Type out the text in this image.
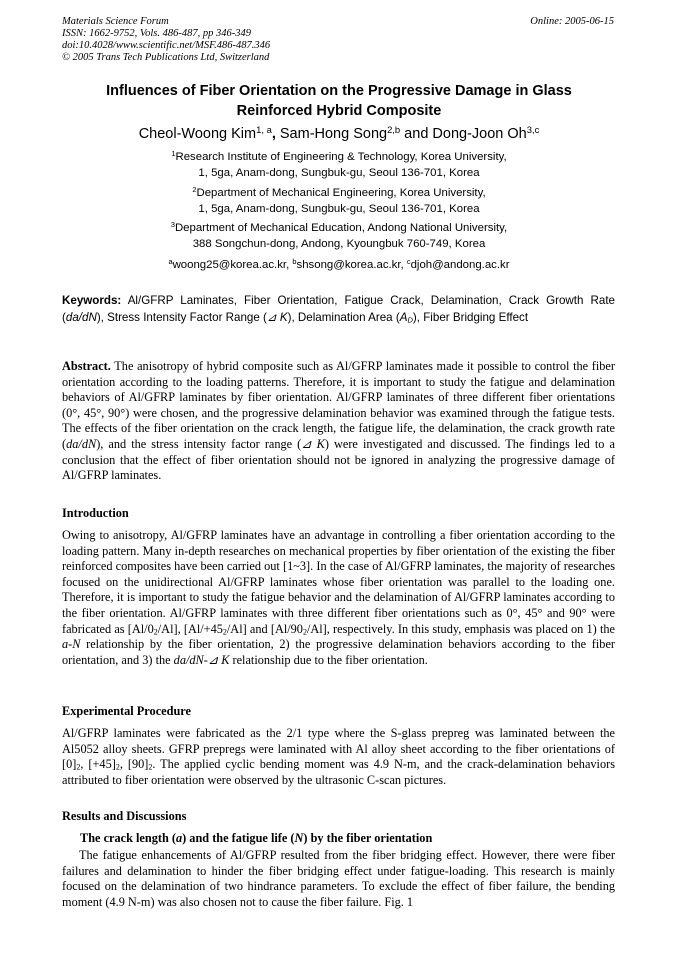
Materials Science Forum
ISSN: 1662-9752, Vols. 486-487, pp 346-349
doi:10.4028/www.scientific.net/MSF.486-487.346
© 2005 Trans Tech Publications Ltd, Switzerland
Online: 2005-06-15
Influences of Fiber Orientation on the Progressive Damage in Glass
Reinforced Hybrid Composite
Cheol-Woong Kim$^{1, a}$, Sam-Hong Song$^{2,b}$ and Dong-Joon Oh$^{3,c}$
$^1$Research Institute of Engineering & Technology, Korea University,
1, 5ga, Anam-dong, Sungbuk-gu, Seoul 136-701, Korea
$^2$Department of Mechanical Engineering, Korea University,
1, 5ga, Anam-dong, Sungbuk-gu, Seoul 136-701, Korea
$^3$Department of Mechanical Education, Andong National University,
388 Songchun-dong, Andong, Kyoungbuk 760-749, Korea
$^a$woong25@korea.ac.kr, $^b$shsong@korea.ac.kr, $^c$djoh@andong.ac.kr
Keywords: Al/GFRP Laminates, Fiber Orientation, Fatigue Crack, Delamination, Crack Growth Rate (da/dN), Stress Intensity Factor Range (⊿ K), Delamination Area $(A_D)$, Fiber Bridging Effect

Abstract. The anisotropy of hybrid composite such as Al/GFRP laminates made it possible to control the fiber orientation according to the loading patterns. Therefore, it is important to study the fatigue and delamination behaviors of Al/GFRP laminates by fiber orientation. Al/GFRP laminates of three different fiber orientations (0°, 45°, 90°) were chosen, and the progressive delamination behavior was examined through the fatigue tests. The effects of the fiber orientation on the crack length, the fatigue life, the delamination, the crack growth rate (da/dN), and the stress intensity factor range (⊿ K) were investigated and discussed. The findings led to a conclusion that the effect of fiber orientation should not be ignored in analyzing the progressive damage of Al/GFRP laminates.

Introduction

Owing to anisotropy, Al/GFRP laminates have an advantage in controlling a fiber orientation according to the loading pattern. Many in-depth researches on mechanical properties by fiber orientation of the existing the fiber reinforced composites have been carried out [1~3]. In the case of Al/GFRP laminates, the majority of researches focused on the unidirectional Al/GFRP laminates whose fiber orientation was parallel to the loading one. Therefore, it is important to study the fatigue behavior and the delamination of Al/GFRP laminates according to the fiber orientation. Al/GFRP laminates with three different fiber orientations such as 0°, 45° and 90° were fabricated as $[Al/0_2/Al]$, $[Al/+45_2/Al]$ and $[Al/90_2/Al]$, respectively. In this study, emphasis was placed on 1) the a-N relationship by the fiber orientation, 2) the progressive delamination behaviors according to the fiber orientation, and 3) the da/dN-⊿ K relationship due to the fiber orientation.

Experimental Procedure

Al/GFRP laminates were fabricated as the 2/1 type where the S-glass prepreg was laminated between the Al5052 alloy sheets. GFRP prepregs were laminated with Al alloy sheet according to the fiber orientations of $[0]_2$, $[+45]_2$, $[90]_2$. The applied cyclic bending moment was 4.9 N-m, and the crack-delamination behaviors attributed to fiber orientation were observed by the ultrasonic C-scan pictures.

Results and Discussions
The crack length (a) and the fatigue life (N) by the fiber orientation

The fatigue enhancements of Al/GFRP resulted from the fiber bridging effect. However, there were fiber failures and delamination to hinder the fiber bridging effect under fatigue-loading. This research is mainly focused on the delamination of two hindrance parameters. To exclude the effect of fiber failure, the bending moment (4.9 N-m) was also chosen not to cause the fiber failure. Fig. 1
